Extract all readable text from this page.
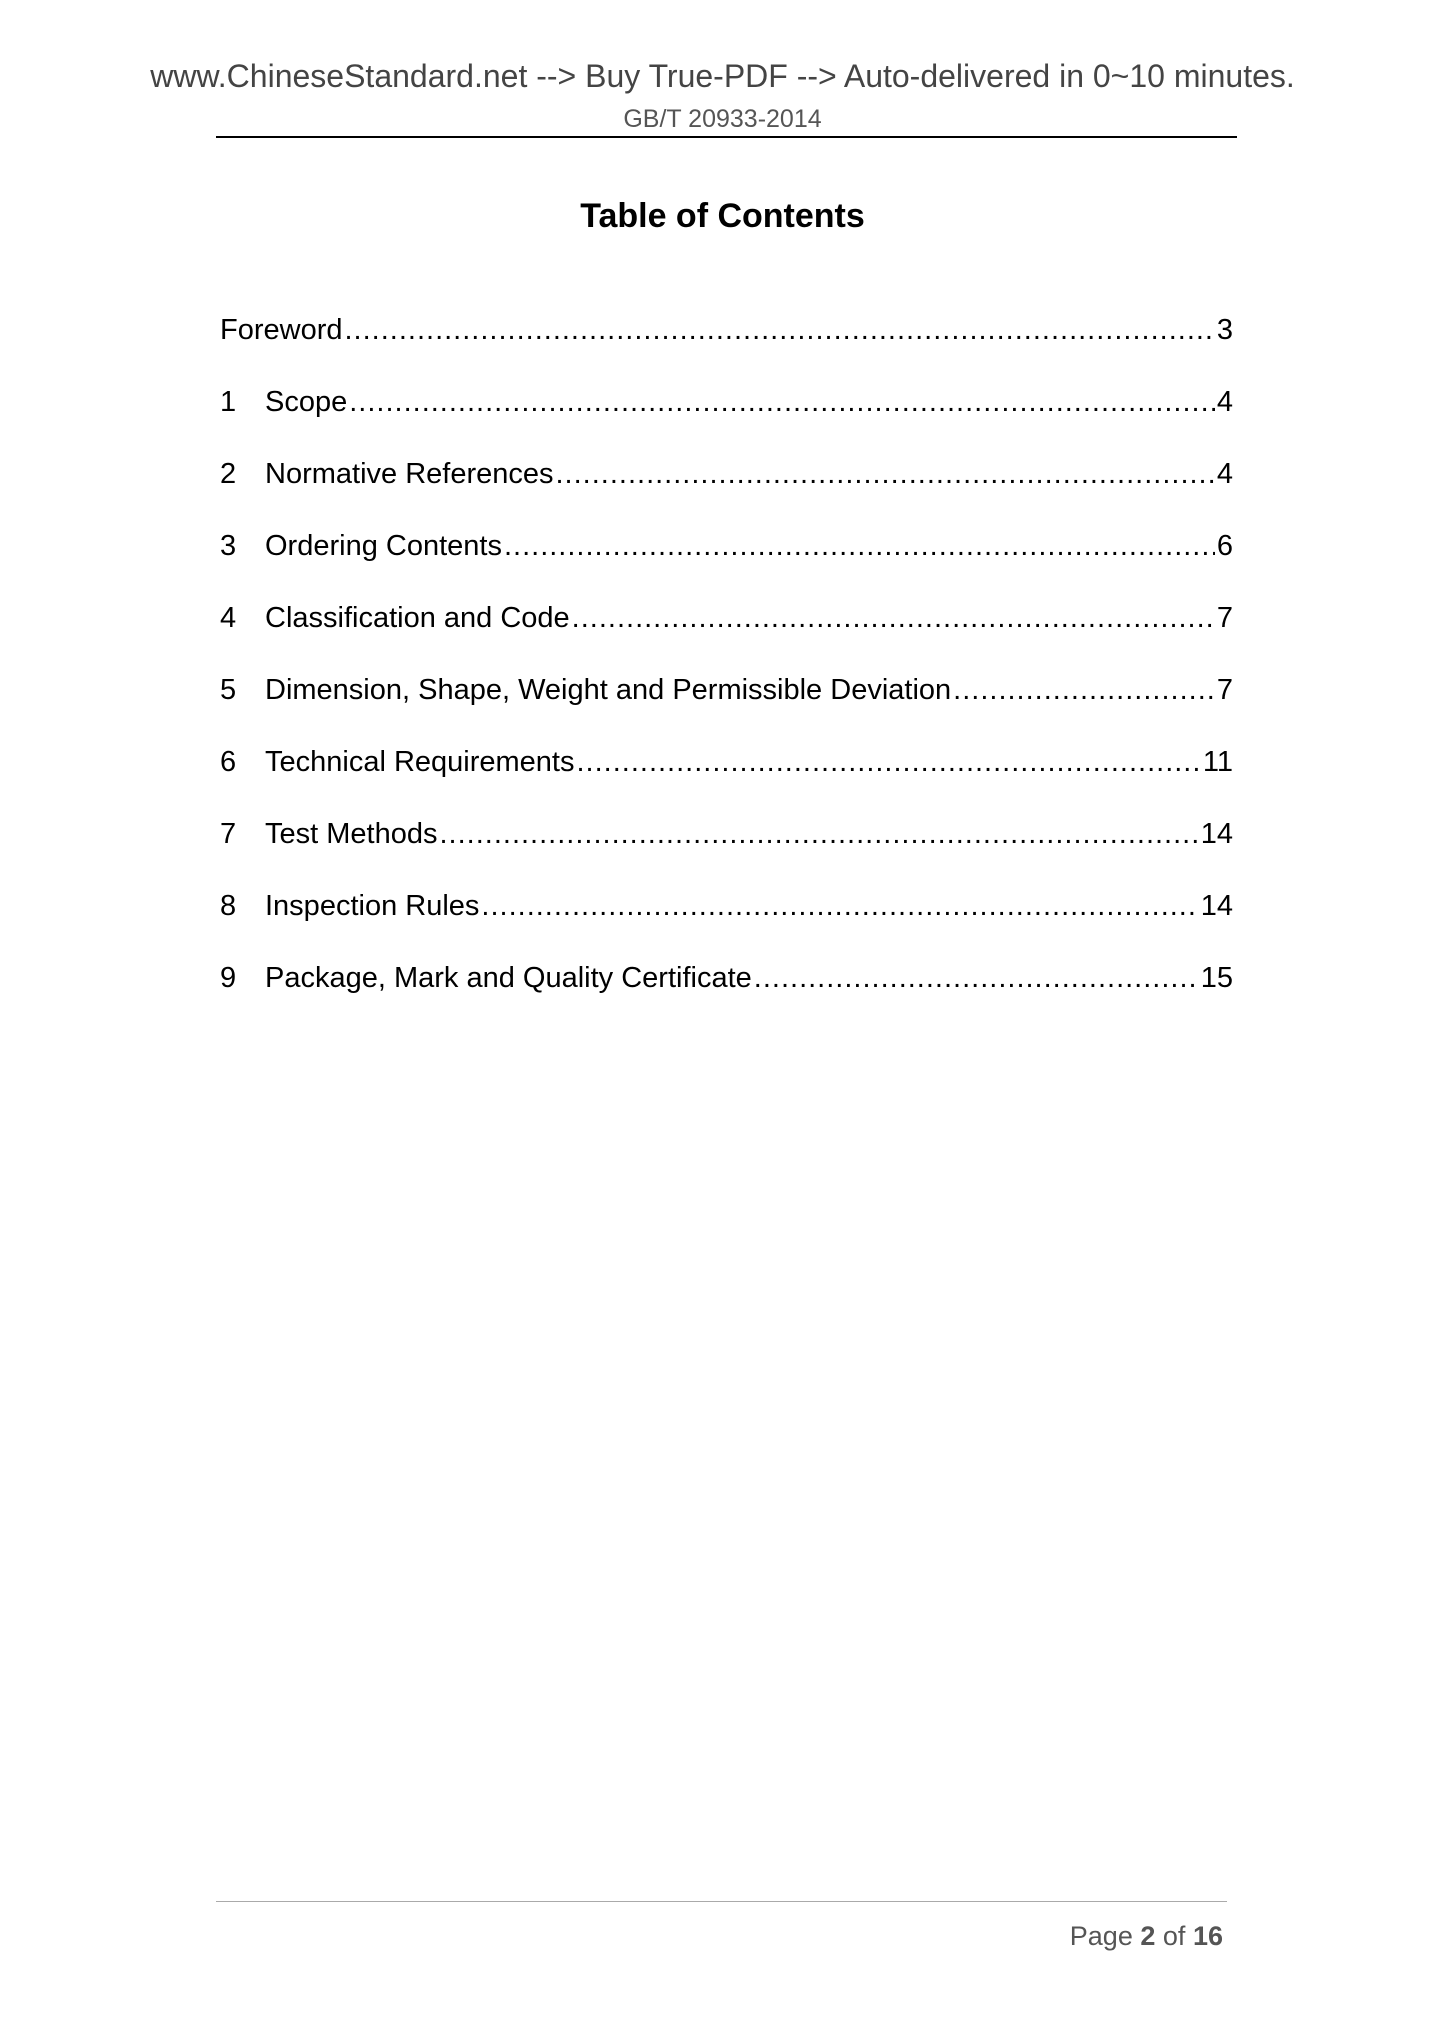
www.ChineseStandard.net --> Buy True-PDF --> Auto-delivered in 0~10 minutes.
GB/T 20933-2014
Table of Contents
Foreword .....	3
1 Scope .....	4
2 Normative References .....	4
3 Ordering Contents .....	6
4 Classification and Code .....	7
5 Dimension, Shape, Weight and Permissible Deviation .....	7
6 Technical Requirements .....	11
7 Test Methods .....	14
8 Inspection Rules .....	14
9 Package, Mark and Quality Certificate .....	15
Page 2 of 16
